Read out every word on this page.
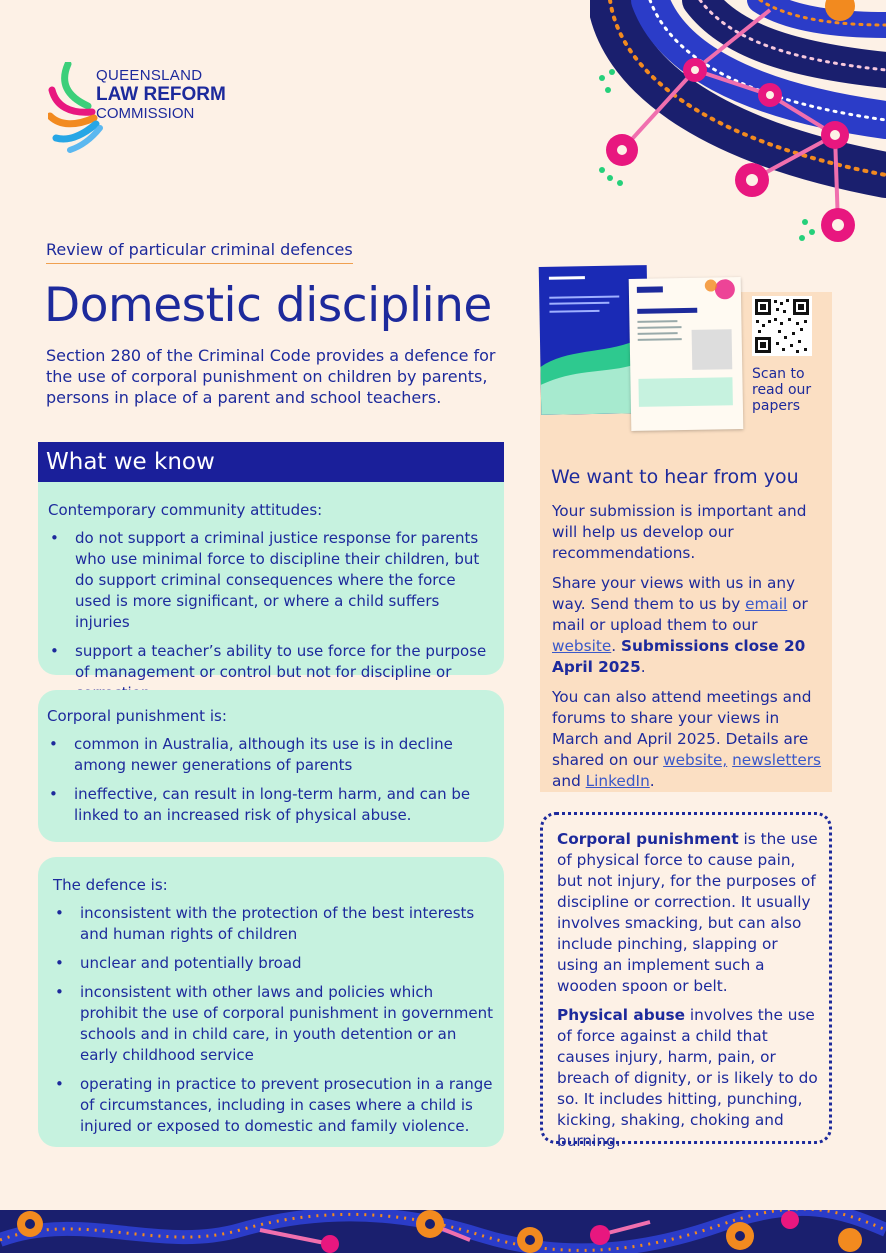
QUEENSLAND
LAW REFORM
COMMISSION
Review of particular criminal defences
Domestic discipline
Section 280 of the Criminal Code provides a defence for the use of corporal punishment on children by parents, persons in place of a parent and school teachers.
What we know
Contemporary community attitudes:
• do not support a criminal justice response for parents who use minimal force to discipline their children, but do support criminal consequences where the force used is more significant, or where a child suffers injuries
• support a teacher’s ability to use force for the purpose of management or control but not for discipline or
Corporal punishment is:
• common in Australia, although its use is in decline among newer generations of parents
• ineffective, can result in long-term harm, and can be linked to an increased risk of physical abuse.
The defence is:
• inconsistent with the protection of the best interests and human rights of children
• unclear and potentially broad
• inconsistent with other laws and policies which prohibit the use of corporal punishment in government schools and in child care, in youth detention or an early childhood service
• operating in practice to prevent prosecution in a range of circumstances, including in cases where a child is injured or exposed to domestic and family violence.
Scan to read our papers
We want to hear from you

Your submission is important and will help us develop our recommendations.

Share your views with us in any way. Send them to us by email or mail or upload them to our website. Submissions close 20 April 2025.

You can also attend meetings and forums to share your views in March and April 2025. Details are shared on our website, newsletters and LinkedIn.

Corporal punishment is the use of physical force to cause pain, but not injury, for the purposes of discipline or correction. It usually involves smacking, but can also include pinching, slapping or using an implement such a wooden spoon or belt.

Physical abuse involves the use of force against a child that causes injury, harm, pain, or breach of dignity, or is likely to do so. It includes hitting, punching, kicking, shaking, choking and burning.
